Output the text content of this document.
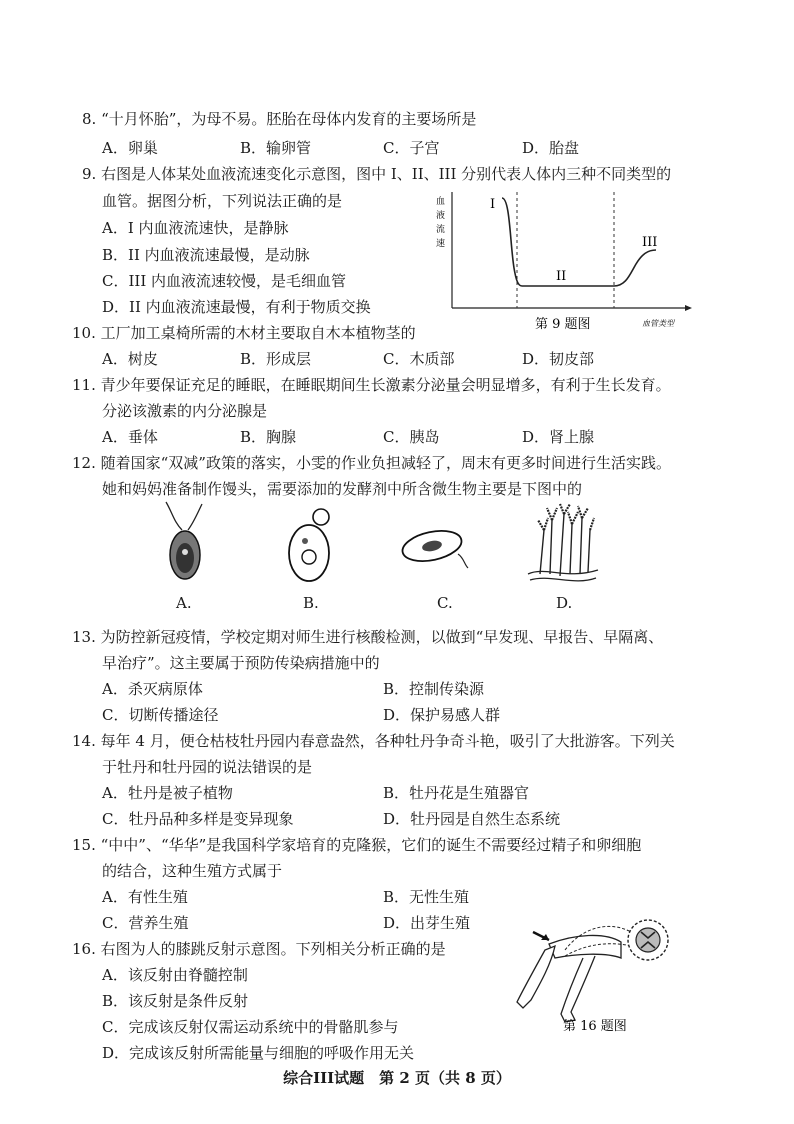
8. “十月怀胎”，为母不易。胚胎在母体内发育的主要场所是
A．卵巢	B．输卵管	C．子宫	D．胎盘
9. 右图是人体某处血液流速变化示意图，图中 I、II、III 分别代表人体内三种不同类型的
血管。据图分析，下列说法正确的是
A．I 内血液流速快，是静脉
B．II 内血液流速最慢，是动脉
C．III 内血液流速较慢，是毛细血管
D．II 内血液流速最慢，有利于物质交换
血
液
流
速
I
II
III
第 9 题图	血管类型
10. 工厂加工桌椅所需的木材主要取自木本植物茎的
A．树皮	B．形成层	C．木质部	D．韧皮部
11. 青少年要保证充足的睡眠，在睡眠期间生长激素分泌量会明显增多，有利于生长发育。
分泌该激素的内分泌腺是
A．垂体	B．胸腺	C．胰岛	D．肾上腺
12. 随着国家“双减”政策的落实，小雯的作业负担减轻了，周末有更多时间进行生活实践。
她和妈妈准备制作馒头，需要添加的发酵剂中所含微生物主要是下图中的
A.	B.	C.	D.
13. 为防控新冠疫情，学校定期对师生进行核酸检测，以做到“早发现、早报告、早隔离、
早治疗”。这主要属于预防传染病措施中的
A．杀灭病原体	B．控制传染源
C．切断传播途径	D．保护易感人群
14. 每年 4 月，便仓枯枝牡丹园内春意盎然，各种牡丹争奇斗艳，吸引了大批游客。下列关
于牡丹和牡丹园的说法错误的是
A．牡丹是被子植物	B．牡丹花是生殖器官
C．牡丹品种多样是变异现象	D．牡丹园是自然生态系统
15. “中中”、“华华”是我国科学家培育的克隆猴，它们的诞生不需要经过精子和卵细胞
的结合，这种生殖方式属于
A．有性生殖	B．无性生殖
C．营养生殖	D．出芽生殖
16. 右图为人的膝跳反射示意图。下列相关分析正确的是
A．该反射由脊髓控制
B．该反射是条件反射
C．完成该反射仅需运动系统中的骨骼肌参与
D．完成该反射所需能量与细胞的呼吸作用无关
第 16 题图
综合III试题　第 2 页（共 8 页）
